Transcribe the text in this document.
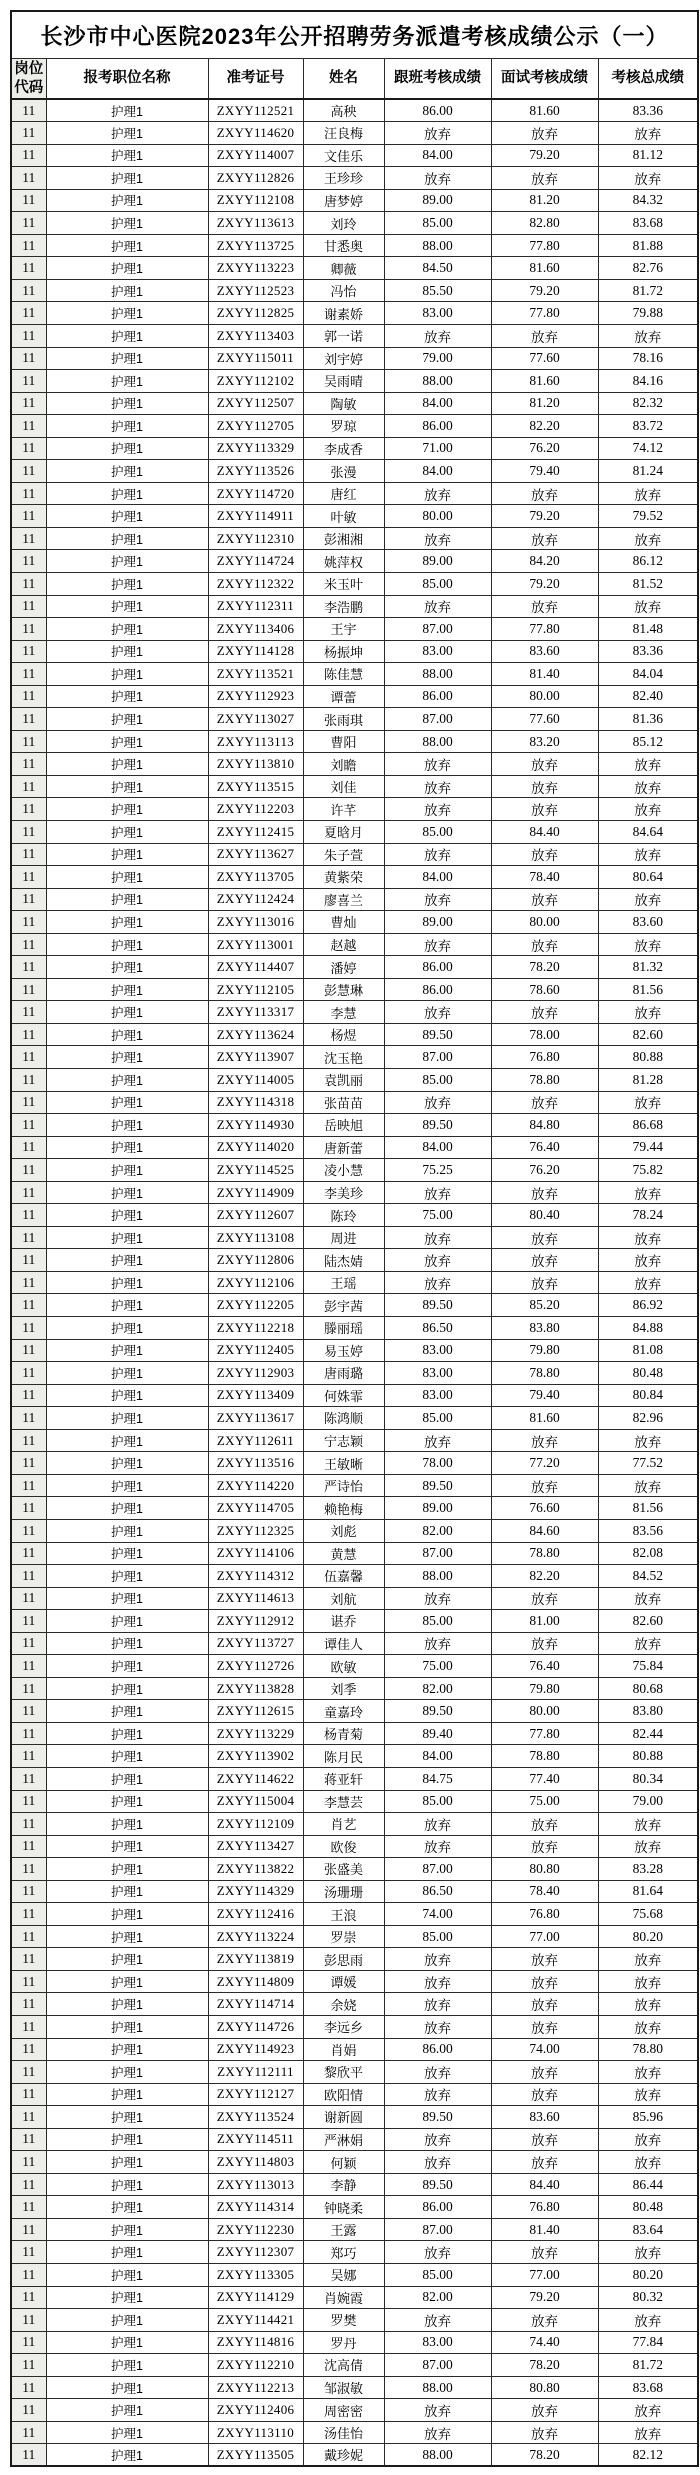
长沙市中心医院2023年公开招聘劳务派遣考核成绩公示（一）						
岗位代码	报考职位名称	准考证号	姓名	跟班考核成绩	面试考核成绩	考核总成绩
11	护理1	ZXYY112521	高秧	86.00	81.60	83.36
11	护理1	ZXYY114620	汪良梅	放弃	放弃	放弃
11	护理1	ZXYY114007	文佳乐	84.00	79.20	81.12
11	护理1	ZXYY112826	王珍珍	放弃	放弃	放弃
11	护理1	ZXYY112108	唐梦婷	89.00	81.20	84.32
11	护理1	ZXYY113613	刘玲	85.00	82.80	83.68
11	护理1	ZXYY113725	甘悉奥	88.00	77.80	81.88
11	护理1	ZXYY113223	卿薇	84.50	81.60	82.76
11	护理1	ZXYY112523	冯怡	85.50	79.20	81.72
11	护理1	ZXYY112825	谢素娇	83.00	77.80	79.88
11	护理1	ZXYY113403	郭一诺	放弃	放弃	放弃
11	护理1	ZXYY115011	刘宇婷	79.00	77.60	78.16
11	护理1	ZXYY112102	吴雨晴	88.00	81.60	84.16
11	护理1	ZXYY112507	陶敏	84.00	81.20	82.32
11	护理1	ZXYY112705	罗琼	86.00	82.20	83.72
11	护理1	ZXYY113329	李成香	71.00	76.20	74.12
11	护理1	ZXYY113526	张漫	84.00	79.40	81.24
11	护理1	ZXYY114720	唐红	放弃	放弃	放弃
11	护理1	ZXYY114911	叶敏	80.00	79.20	79.52
11	护理1	ZXYY112310	彭湘湘	放弃	放弃	放弃
11	护理1	ZXYY114724	姚萍权	89.00	84.20	86.12
11	护理1	ZXYY112322	米玉叶	85.00	79.20	81.52
11	护理1	ZXYY112311	李浩鹏	放弃	放弃	放弃
11	护理1	ZXYY113406	王宇	87.00	77.80	81.48
11	护理1	ZXYY114128	杨振坤	83.00	83.60	83.36
11	护理1	ZXYY113521	陈佳慧	88.00	81.40	84.04
11	护理1	ZXYY112923	谭蕾	86.00	80.00	82.40
11	护理1	ZXYY113027	张雨琪	87.00	77.60	81.36
11	护理1	ZXYY113113	曹阳	88.00	83.20	85.12
11	护理1	ZXYY113810	刘瞻	放弃	放弃	放弃
11	护理1	ZXYY113515	刘佳	放弃	放弃	放弃
11	护理1	ZXYY112203	许芊	放弃	放弃	放弃
11	护理1	ZXYY112415	夏晗月	85.00	84.40	84.64
11	护理1	ZXYY113627	朱子萱	放弃	放弃	放弃
11	护理1	ZXYY113705	黄紫荣	84.00	78.40	80.64
11	护理1	ZXYY112424	廖喜兰	放弃	放弃	放弃
11	护理1	ZXYY113016	曹灿	89.00	80.00	83.60
11	护理1	ZXYY113001	赵越	放弃	放弃	放弃
11	护理1	ZXYY114407	潘婷	86.00	78.20	81.32
11	护理1	ZXYY112105	彭慧琳	86.00	78.60	81.56
11	护理1	ZXYY113317	李慧	放弃	放弃	放弃
11	护理1	ZXYY113624	杨煜	89.50	78.00	82.60
11	护理1	ZXYY113907	沈玉艳	87.00	76.80	80.88
11	护理1	ZXYY114005	袁凯丽	85.00	78.80	81.28
11	护理1	ZXYY114318	张苗苗	放弃	放弃	放弃
11	护理1	ZXYY114930	岳映旭	89.50	84.80	86.68
11	护理1	ZXYY114020	唐新蕾	84.00	76.40	79.44
11	护理1	ZXYY114525	凌小慧	75.25	76.20	75.82
11	护理1	ZXYY114909	李美珍	放弃	放弃	放弃
11	护理1	ZXYY112607	陈玲	75.00	80.40	78.24
11	护理1	ZXYY113108	周进	放弃	放弃	放弃
11	护理1	ZXYY112806	陆杰婧	放弃	放弃	放弃
11	护理1	ZXYY112106	王瑶	放弃	放弃	放弃
11	护理1	ZXYY112205	彭宇茜	89.50	85.20	86.92
11	护理1	ZXYY112218	滕丽瑶	86.50	83.80	84.88
11	护理1	ZXYY112405	易玉婷	83.00	79.80	81.08
11	护理1	ZXYY112903	唐雨璐	83.00	78.80	80.48
11	护理1	ZXYY113409	何姝霏	83.00	79.40	80.84
11	护理1	ZXYY113617	陈鸿顺	85.00	81.60	82.96
11	护理1	ZXYY112611	宁志颖	放弃	放弃	放弃
11	护理1	ZXYY113516	王敏晰	78.00	77.20	77.52
11	护理1	ZXYY114220	严诗怡	89.50	放弃	放弃
11	护理1	ZXYY114705	赖艳梅	89.00	76.60	81.56
11	护理1	ZXYY112325	刘彪	82.00	84.60	83.56
11	护理1	ZXYY114106	黄慧	87.00	78.80	82.08
11	护理1	ZXYY114312	伍嘉馨	88.00	82.20	84.52
11	护理1	ZXYY114613	刘航	放弃	放弃	放弃
11	护理1	ZXYY112912	谌乔	85.00	81.00	82.60
11	护理1	ZXYY113727	谭佳人	放弃	放弃	放弃
11	护理1	ZXYY112726	欧敏	75.00	76.40	75.84
11	护理1	ZXYY113828	刘季	82.00	79.80	80.68
11	护理1	ZXYY112615	童嘉玲	89.50	80.00	83.80
11	护理1	ZXYY113229	杨青菊	89.40	77.80	82.44
11	护理1	ZXYY113902	陈月民	84.00	78.80	80.88
11	护理1	ZXYY114622	蒋亚轩	84.75	77.40	80.34
11	护理1	ZXYY115004	李慧芸	85.00	75.00	79.00
11	护理1	ZXYY112109	肖艺	放弃	放弃	放弃
11	护理1	ZXYY113427	欧俊	放弃	放弃	放弃
11	护理1	ZXYY113822	张盛美	87.00	80.80	83.28
11	护理1	ZXYY114329	汤珊珊	86.50	78.40	81.64
11	护理1	ZXYY112416	王浪	74.00	76.80	75.68
11	护理1	ZXYY113224	罗崇	85.00	77.00	80.20
11	护理1	ZXYY113819	彭思雨	放弃	放弃	放弃
11	护理1	ZXYY114809	谭媛	放弃	放弃	放弃
11	护理1	ZXYY114714	余娆	放弃	放弃	放弃
11	护理1	ZXYY114726	李远乡	放弃	放弃	放弃
11	护理1	ZXYY114923	肖娟	86.00	74.00	78.80
11	护理1	ZXYY112111	黎欣平	放弃	放弃	放弃
11	护理1	ZXYY112127	欧阳情	放弃	放弃	放弃
11	护理1	ZXYY113524	谢新圆	89.50	83.60	85.96
11	护理1	ZXYY114511	严淋娟	放弃	放弃	放弃
11	护理1	ZXYY114803	何颖	放弃	放弃	放弃
11	护理1	ZXYY113013	李静	89.50	84.40	86.44
11	护理1	ZXYY114314	钟晓柔	86.00	76.80	80.48
11	护理1	ZXYY112230	王露	87.00	81.40	83.64
11	护理1	ZXYY112307	郑巧	放弃	放弃	放弃
11	护理1	ZXYY113305	吴娜	85.00	77.00	80.20
11	护理1	ZXYY114129	肖婉霞	82.00	79.20	80.32
11	护理1	ZXYY114421	罗樊	放弃	放弃	放弃
11	护理1	ZXYY114816	罗丹	83.00	74.40	77.84
11	护理1	ZXYY112210	沈高倩	87.00	78.20	81.72
11	护理1	ZXYY112213	邹淑敏	88.00	80.80	83.68
11	护理1	ZXYY112406	周密密	放弃	放弃	放弃
11	护理1	ZXYY113110	汤佳怡	放弃	放弃	放弃
11	护理1	ZXYY113505	戴珍妮	88.00	78.20	82.12
